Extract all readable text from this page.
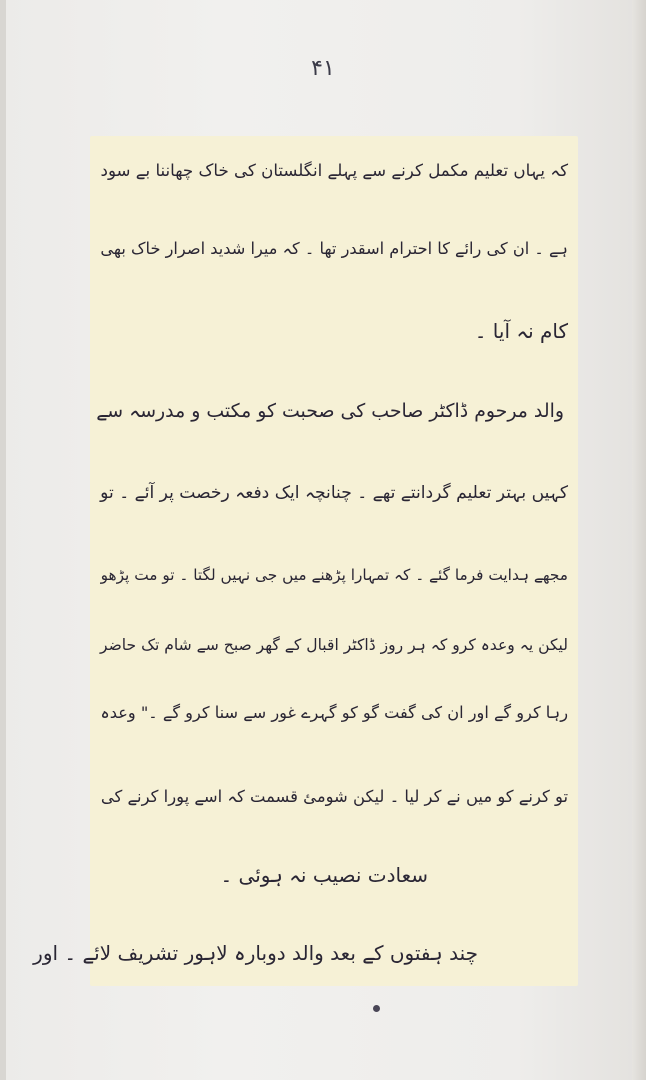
۴۱
کہ یہاں تعلیم مکمل کرنے سے پہلے انگلستان کی خاک چھاننا بے سود
ہے ۔ ان کی رائے کا احترام اسقدر تھا ۔ کہ میرا شدید اصرار خاک بھی
کام نہ آیا ۔
والد مرحوم ڈاکٹر صاحب کی صحبت کو مکتب و مدرسہ سے
کہیں بہتر تعلیم گردانتے تھے ۔ چنانچہ ایک دفعہ رخصت پر آئے ۔ تو
مجھے ہدایت فرما گئے ۔ کہ تمہارا پڑھنے میں جی نہیں لگتا ۔ تو مت پڑھو
لیکن یہ وعدہ کرو کہ ہر روز ڈاکٹر اقبال کے گھر صبح سے شام تک حاضر
رہا کرو گے اور ان کی گفت گو کو گہرے غور سے سنا کرو گے ۔" وعدہ
تو کرنے کو میں نے کر لیا ۔ لیکن شومئ قسمت کہ اسے پورا کرنے کی
سعادت نصیب نہ ہوئی ۔
چند ہفتوں کے بعد والد دوبارہ لاہور تشریف لائے ۔ اور
